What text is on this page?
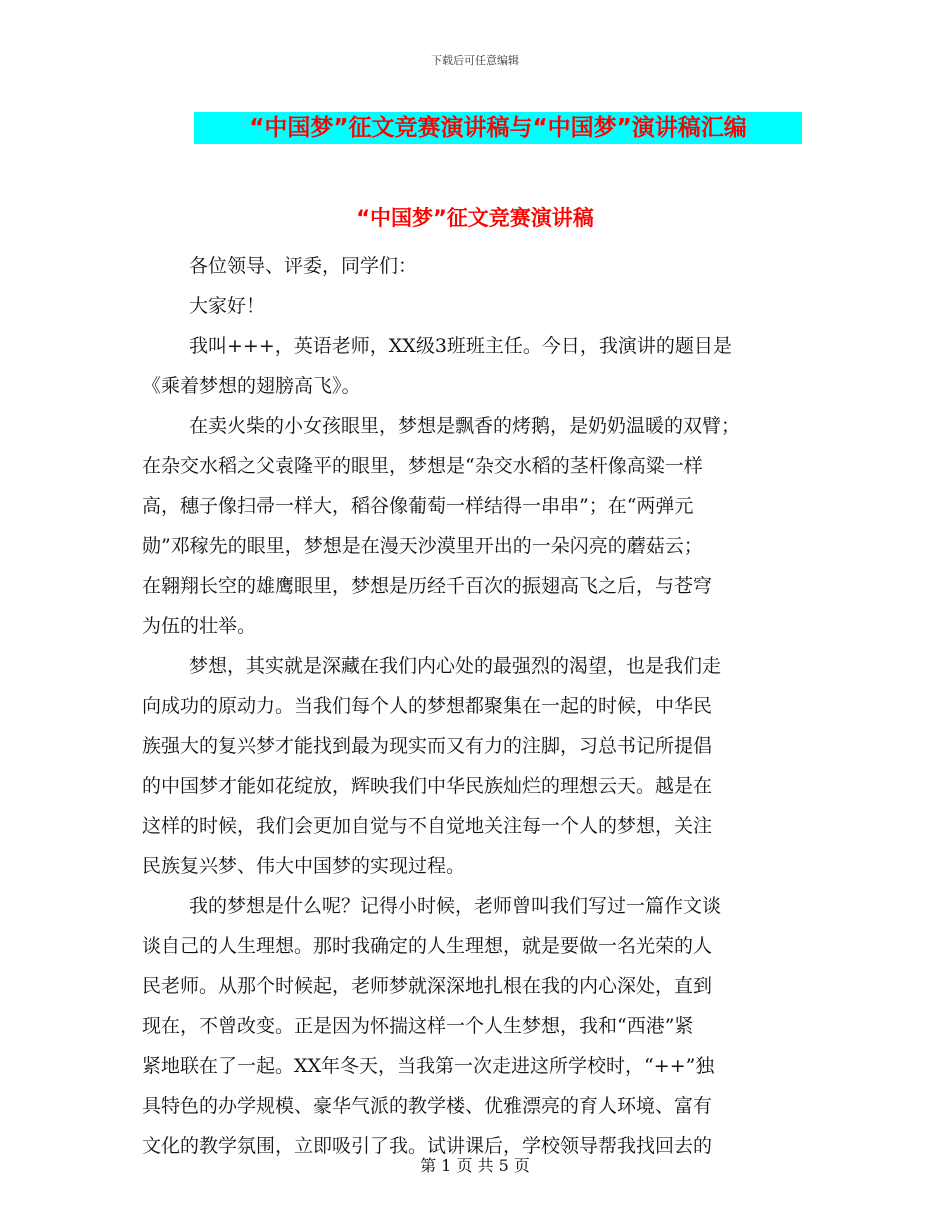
下载后可任意编辑
“中国梦”征文竞赛演讲稿与“中国梦”演讲稿汇编
“中国梦”征文竞赛演讲稿
各位领导、评委，同学们：
大家好！
我叫+++，英语老师，XX级3班班主任。今日，我演讲的题目是
《乘着梦想的翅膀高飞》。
在卖火柴的小女孩眼里，梦想是飘香的烤鹅，是奶奶温暖的双臂；
在杂交水稻之父袁隆平的眼里，梦想是“杂交水稻的茎杆像高粱一样
高，穗子像扫帚一样大，稻谷像葡萄一样结得一串串”；在“两弹元
勋”邓稼先的眼里，梦想是在漫天沙漠里开出的一朵闪亮的蘑菇云；
在翱翔长空的雄鹰眼里，梦想是历经千百次的振翅高飞之后，与苍穹
为伍的壮举。
梦想，其实就是深藏在我们内心处的最强烈的渴望，也是我们走
向成功的原动力。当我们每个人的梦想都聚集在一起的时候，中华民
族强大的复兴梦才能找到最为现实而又有力的注脚，习总书记所提倡
的中国梦才能如花绽放，辉映我们中华民族灿烂的理想云天。越是在
这样的时候，我们会更加自觉与不自觉地关注每一个人的梦想，关注
民族复兴梦、伟大中国梦的实现过程。
我的梦想是什么呢？记得小时候，老师曾叫我们写过一篇作文谈
谈自己的人生理想。那时我确定的人生理想，就是要做一名光荣的人
民老师。从那个时候起，老师梦就深深地扎根在我的内心深处，直到
现在，不曾改变。正是因为怀揣这样一个人生梦想，我和“西港”紧
紧地联在了一起。XX年冬天，当我第一次走进这所学校时，“++”独
具特色的办学规模、豪华气派的教学楼、优雅漂亮的育人环境、富有
文化的教学氛围，立即吸引了我。试讲课后，学校领导帮我找回去的
第 1 页 共 5 页
